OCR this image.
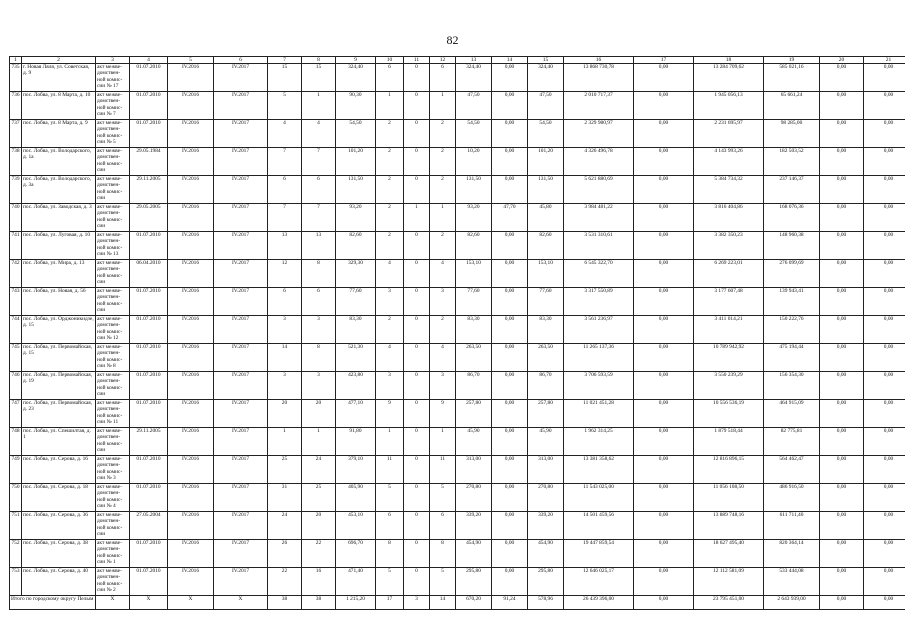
82
1	2	3	4	5	6	7	8	9	10	11	12	13	14	15	16	17	18	19	20	21
735	г. Новая Ляля, ул. Советская, д. 9	акт межве-домствен-ной комис-сии № 17	01.07.2010	IV.2016	IV.2017	15	15	324,40	6	0	6	324,40	0,00	324,40	13 868 730,78	0,00	13 284 709,62	585 021,16	0,00	0,00
736	пос. Лобва, ул. 8 Марта, д. 10	акт межве-домствен-ной комис-сии № 7	01.07.2010	IV.2016	IV.2017	5	1	90,30	1	0	1	47,50	0,00	47,50	2 010 717,37	0,00	1 945 056,13	65 661,24	0,00	0,00
737	пос. Лобва, ул. 8 Марта, д. 9	акт межве-домствен-ной комис-сии № 5	01.07.2010	IV.2016	IV.2017	4	4	54,50	2	0	2	54,50	0,00	54,50	2 329 980,97	0,00	2 231 695,97	98 285,00	0,00	0,00
738	пос. Лобва, ул. Володарского, д. 1а	акт межве-домствен-ной комис-сии	29.05.1984	IV.2016	IV.2017	7	7	101,20	2	0	2	10,20	0,00	101,20	4 326 496,78	0,00	4 143 993,26	182 503,52	0,00	0,00
739	пос. Лобва, ул. Володарского, д. 3а	акт межве-домствен-ной комис-сии	29.11.2005	IV.2016	IV.2017	6	6	131,50	2	0	2	131,50	0,00	131,50	5 621 880,69	0,00	5 384 734,32	237 146,37	0,00	0,00
740	пос. Лобва, ул. Заводская, д. 3	акт межве-домствен-ной комис-сии	29.05.2005	IV.2016	IV.2017	7	7	93,20	2	1	1	93,20	47,70	45,80	3 984 481,22	0,00	3 816 404,86	168 076,36	0,00	0,00
741	пос. Лобва, ул. Луговая, д. 10	акт межве-домствен-ной комис-сии № 13	01.07.2010	IV.2016	IV.2017	13	13	82,60	2	0	2	82,60	0,00	82,60	3 531 310,61	0,00	3 382 350,23	148 960,38	0,00	0,00
742	пос. Лобва, ул. Мира, д. 13	акт межве-домствен-ной комис-сии	06.04.2010	IV.2016	IV.2017	12	8	329,30	4	0	4	153,10	0,00	153,10	6 545 322,70	0,00	6 269 223,01	276 099,69	0,00	0,00
743	пос. Лобва, ул. Новая, д. 56	акт межве-домствен-ной комис-сии	01.07.2010	IV.2016	IV.2017	6	6	77,60	3	0	3	77,60	0,00	77,60	3 317 550,89	0,00	3 177 607,48	139 943,41	0,00	0,00
744	пос. Лобва, ул. Орджоникидзе, д. 15	акт межве-домствен-ной комис-сии № 12	01.07.2010	IV.2016	IV.2017	3	3	83,30	2	0	2	83,30	0,00	83,30	3 561 236,97	0,00	3 411 014,21	150 222,76	0,00	0,00
745	пос. Лобва, ул. Первомайская, д. 15	акт межве-домствен-ной комис-сии № 8	01.07.2010	IV.2016	IV.2017	14	8	521,30	4	0	4	263,50	0,00	263,50	11 265 137,36	0,00	10 789 942,92	475 194,44	0,00	0,00
746	пос. Лобва, ул. Первомайская, д. 19	акт межве-домствен-ной комис-сии	01.07.2010	IV.2016	IV.2017	3	3	423,80	3	0	3	86,70	0,00	86,70	3 706 593,59	0,00	3 550 239,29	156 354,30	0,00	0,00
747	пос. Лобва, ул. Первомайская, д. 23	акт межве-домствен-ной комис-сии № 11	01.07.2010	IV.2016	IV.2017	20	20	477,10	9	0	9	257,80	0,00	257,80	11 021 451,28	0,00	10 556 536,19	464 915,09	0,00	0,00
748	пос. Лобва, ул. Спешилтая, д. 1	акт межве-домствен-ной комис-сии	29.11.2005	IV.2016	IV.2017	1	1	91,80	1	0	1	45,90	0,00	45,90	1 962 314,25	0,00	1 879 518,44	82 775,81	0,00	0,00
749	пос. Лобва, ул. Серова, д. 16	акт межве-домствен-ной комис-сии № 3	01.07.2010	IV.2016	IV.2017	25	24	379,10	11	0	11	313,00	0,00	313,00	13 381 358,62	0,00	12 816 896,15	564 462,47	0,00	0,00
750	пос. Лобва, ул. Серова, д. 18	акт межве-домствен-ной комис-сии № 4	01.07.2010	IV.2016	IV.2017	31	25	405,90	5	0	5	270,80	0,00	270,80	11 543 025,00	0,00	11 056 108,50	486 916,50	0,00	0,00
751	пос. Лобва, ул. Серова, д. 36	акт межве-домствен-ной комис-сии	27.05.2004	IV.2016	IV.2017	24	20	453,10	6	0	6	339,20	0,00	339,20	14 501 459,56	0,00	13 889 748,16	611 711,40	0,00	0,00
752	пос. Лобва, ул. Серова, д. 38	акт межве-домствен-ной комис-сии № 1	01.07.2010	IV.2016	IV.2017	26	22	696,70	8	0	8	454,90	0,00	454,90	19 447 859,54	0,00	18 627 495,40	820 364,14	0,00	0,00
753	пос. Лобва, ул. Серова, д. 40	акт межве-домствен-ной комис-сии № 2	01.07.2010	IV.2016	IV.2017	22	16	471,40	5	0	5	295,80	0,00	295,80	12 646 025,17	0,00	12 112 581,09	533 444,08	0,00	0,00
Итого по городскому округу Пелым		X	X	X	X	38	38	1 215,20	17	3	14	670,20	91,24	578,96	26 439 396,00	0,00	23 795 451,00	2 643 939,00	0,00	0,00
